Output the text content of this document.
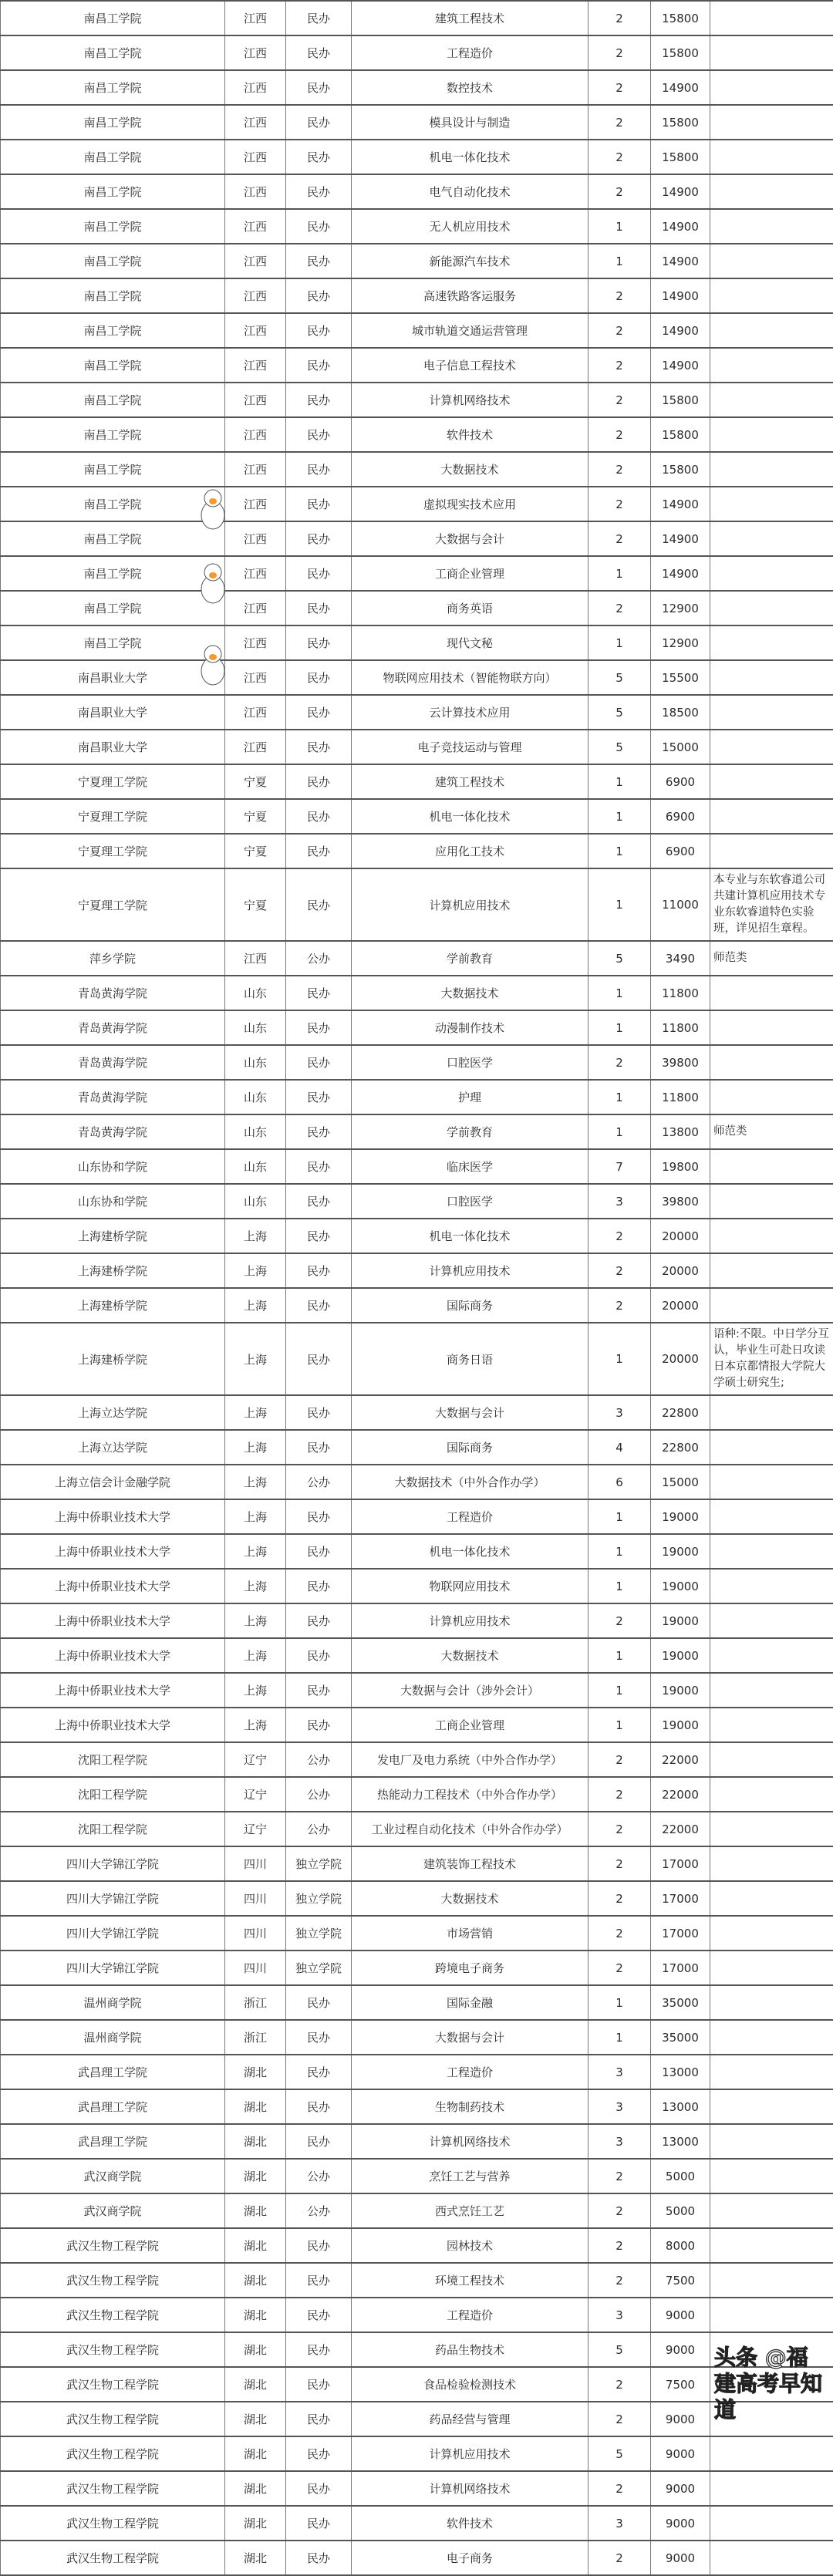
南昌工学院	江西	民办	建筑工程技术	2	15800	
南昌工学院	江西	民办	工程造价	2	15800	
南昌工学院	江西	民办	数控技术	2	14900	
南昌工学院	江西	民办	模具设计与制造	2	15800	
南昌工学院	江西	民办	机电一体化技术	2	15800	
南昌工学院	江西	民办	电气自动化技术	2	14900	
南昌工学院	江西	民办	无人机应用技术	1	14900	
南昌工学院	江西	民办	新能源汽车技术	1	14900	
南昌工学院	江西	民办	高速铁路客运服务	2	14900	
南昌工学院	江西	民办	城市轨道交通运营管理	2	14900	
南昌工学院	江西	民办	电子信息工程技术	2	14900	
南昌工学院	江西	民办	计算机网络技术	2	15800	
南昌工学院	江西	民办	软件技术	2	15800	
南昌工学院	江西	民办	大数据技术	2	15800	
南昌工学院	江西	民办	虚拟现实技术应用	2	14900	
南昌工学院	江西	民办	大数据与会计	2	14900	
南昌工学院	江西	民办	工商企业管理	1	14900	
南昌工学院	江西	民办	商务英语	2	12900	
南昌工学院	江西	民办	现代文秘	1	12900	
南昌职业大学	江西	民办	物联网应用技术（智能物联方向）	5	15500	
南昌职业大学	江西	民办	云计算技术应用	5	18500	
南昌职业大学	江西	民办	电子竞技运动与管理	5	15000	
宁夏理工学院	宁夏	民办	建筑工程技术	1	6900	
宁夏理工学院	宁夏	民办	机电一体化技术	1	6900	
宁夏理工学院	宁夏	民办	应用化工技术	1	6900	
宁夏理工学院	宁夏	民办	计算机应用技术	1	11000	本专业与东软睿道公司共建计算机应用技术专业东软睿道特色实验班，详见招生章程。
萍乡学院	江西	公办	学前教育	5	3490	师范类
青岛黄海学院	山东	民办	大数据技术	1	11800	
青岛黄海学院	山东	民办	动漫制作技术	1	11800	
青岛黄海学院	山东	民办	口腔医学	2	39800	
青岛黄海学院	山东	民办	护理	1	11800	
青岛黄海学院	山东	民办	学前教育	1	13800	师范类
山东协和学院	山东	民办	临床医学	7	19800	
山东协和学院	山东	民办	口腔医学	3	39800	
上海建桥学院	上海	民办	机电一体化技术	2	20000	
上海建桥学院	上海	民办	计算机应用技术	2	20000	
上海建桥学院	上海	民办	国际商务	2	20000	
上海建桥学院	上海	民办	商务日语	1	20000	语种:不限。中日学分互认，毕业生可赴日攻读日本京都情报大学院大学硕士研究生;
上海立达学院	上海	民办	大数据与会计	3	22800	
上海立达学院	上海	民办	国际商务	4	22800	
上海立信会计金融学院	上海	公办	大数据技术（中外合作办学）	6	15000	
上海中侨职业技术大学	上海	民办	工程造价	1	19000	
上海中侨职业技术大学	上海	民办	机电一体化技术	1	19000	
上海中侨职业技术大学	上海	民办	物联网应用技术	1	19000	
上海中侨职业技术大学	上海	民办	计算机应用技术	2	19000	
上海中侨职业技术大学	上海	民办	大数据技术	1	19000	
上海中侨职业技术大学	上海	民办	大数据与会计（涉外会计）	1	19000	
上海中侨职业技术大学	上海	民办	工商企业管理	1	19000	
沈阳工程学院	辽宁	公办	发电厂及电力系统（中外合作办学）	2	22000	
沈阳工程学院	辽宁	公办	热能动力工程技术（中外合作办学）	2	22000	
沈阳工程学院	辽宁	公办	工业过程自动化技术（中外合作办学）	2	22000	
四川大学锦江学院	四川	独立学院	建筑装饰工程技术	2	17000	
四川大学锦江学院	四川	独立学院	大数据技术	2	17000	
四川大学锦江学院	四川	独立学院	市场营销	2	17000	
四川大学锦江学院	四川	独立学院	跨境电子商务	2	17000	
温州商学院	浙江	民办	国际金融	1	35000	
温州商学院	浙江	民办	大数据与会计	1	35000	
武昌理工学院	湖北	民办	工程造价	3	13000	
武昌理工学院	湖北	民办	生物制药技术	3	13000	
武昌理工学院	湖北	民办	计算机网络技术	3	13000	
武汉商学院	湖北	公办	烹饪工艺与营养	2	5000	
武汉商学院	湖北	公办	西式烹饪工艺	2	5000	
武汉生物工程学院	湖北	民办	园林技术	2	8000	
武汉生物工程学院	湖北	民办	环境工程技术	2	7500	
武汉生物工程学院	湖北	民办	工程造价	3	9000	
武汉生物工程学院	湖北	民办	药品生物技术	5	9000	
武汉生物工程学院	湖北	民办	食品检验检测技术	2	7500	
武汉生物工程学院	湖北	民办	药品经营与管理	2	9000	
武汉生物工程学院	湖北	民办	计算机应用技术	5	9000	
武汉生物工程学院	湖北	民办	计算机网络技术	2	9000	
武汉生物工程学院	湖北	民办	软件技术	3	9000	
武汉生物工程学院	湖北	民办	电子商务	2	9000	
头条 @福建高考早知道
